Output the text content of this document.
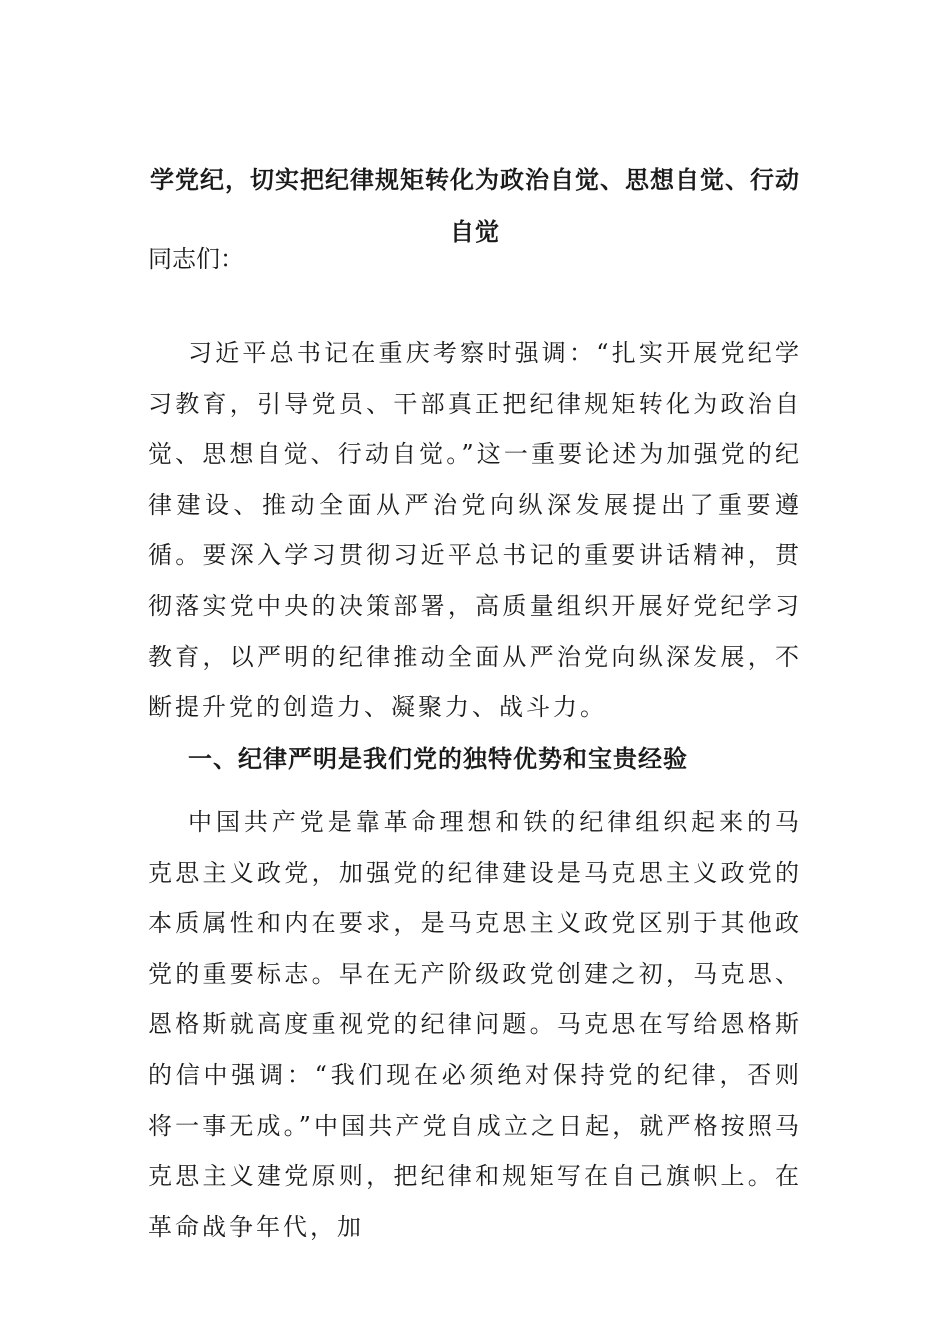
学党纪，切实把纪律规矩转化为政治自觉、思想自觉、行动自觉

同志们：

习近平总书记在重庆考察时强调：“扎实开展党纪学习教育，引导党员、干部真正把纪律规矩转化为政治自觉、思想自觉、行动自觉。”这一重要论述为加强党的纪律建设、推动全面从严治党向纵深发展提出了重要遵循。要深入学习贯彻习近平总书记的重要讲话精神，贯彻落实党中央的决策部署，高质量组织开展好党纪学习教育，以严明的纪律推动全面从严治党向纵深发展，不断提升党的创造力、凝聚力、战斗力。

一、纪律严明是我们党的独特优势和宝贵经验

中国共产党是靠革命理想和铁的纪律组织起来的马克思主义政党，加强党的纪律建设是马克思主义政党的本质属性和内在要求，是马克思主义政党区别于其他政党的重要标志。早在无产阶级政党创建之初，马克思、恩格斯就高度重视党的纪律问题。马克思在写给恩格斯的信中强调：“我们现在必须绝对保持党的纪律，否则将一事无成。”中国共产党自成立之日起，就严格按照马克思主义建党原则，把纪律和规矩写在自己旗帜上。在革命战争年代，加
